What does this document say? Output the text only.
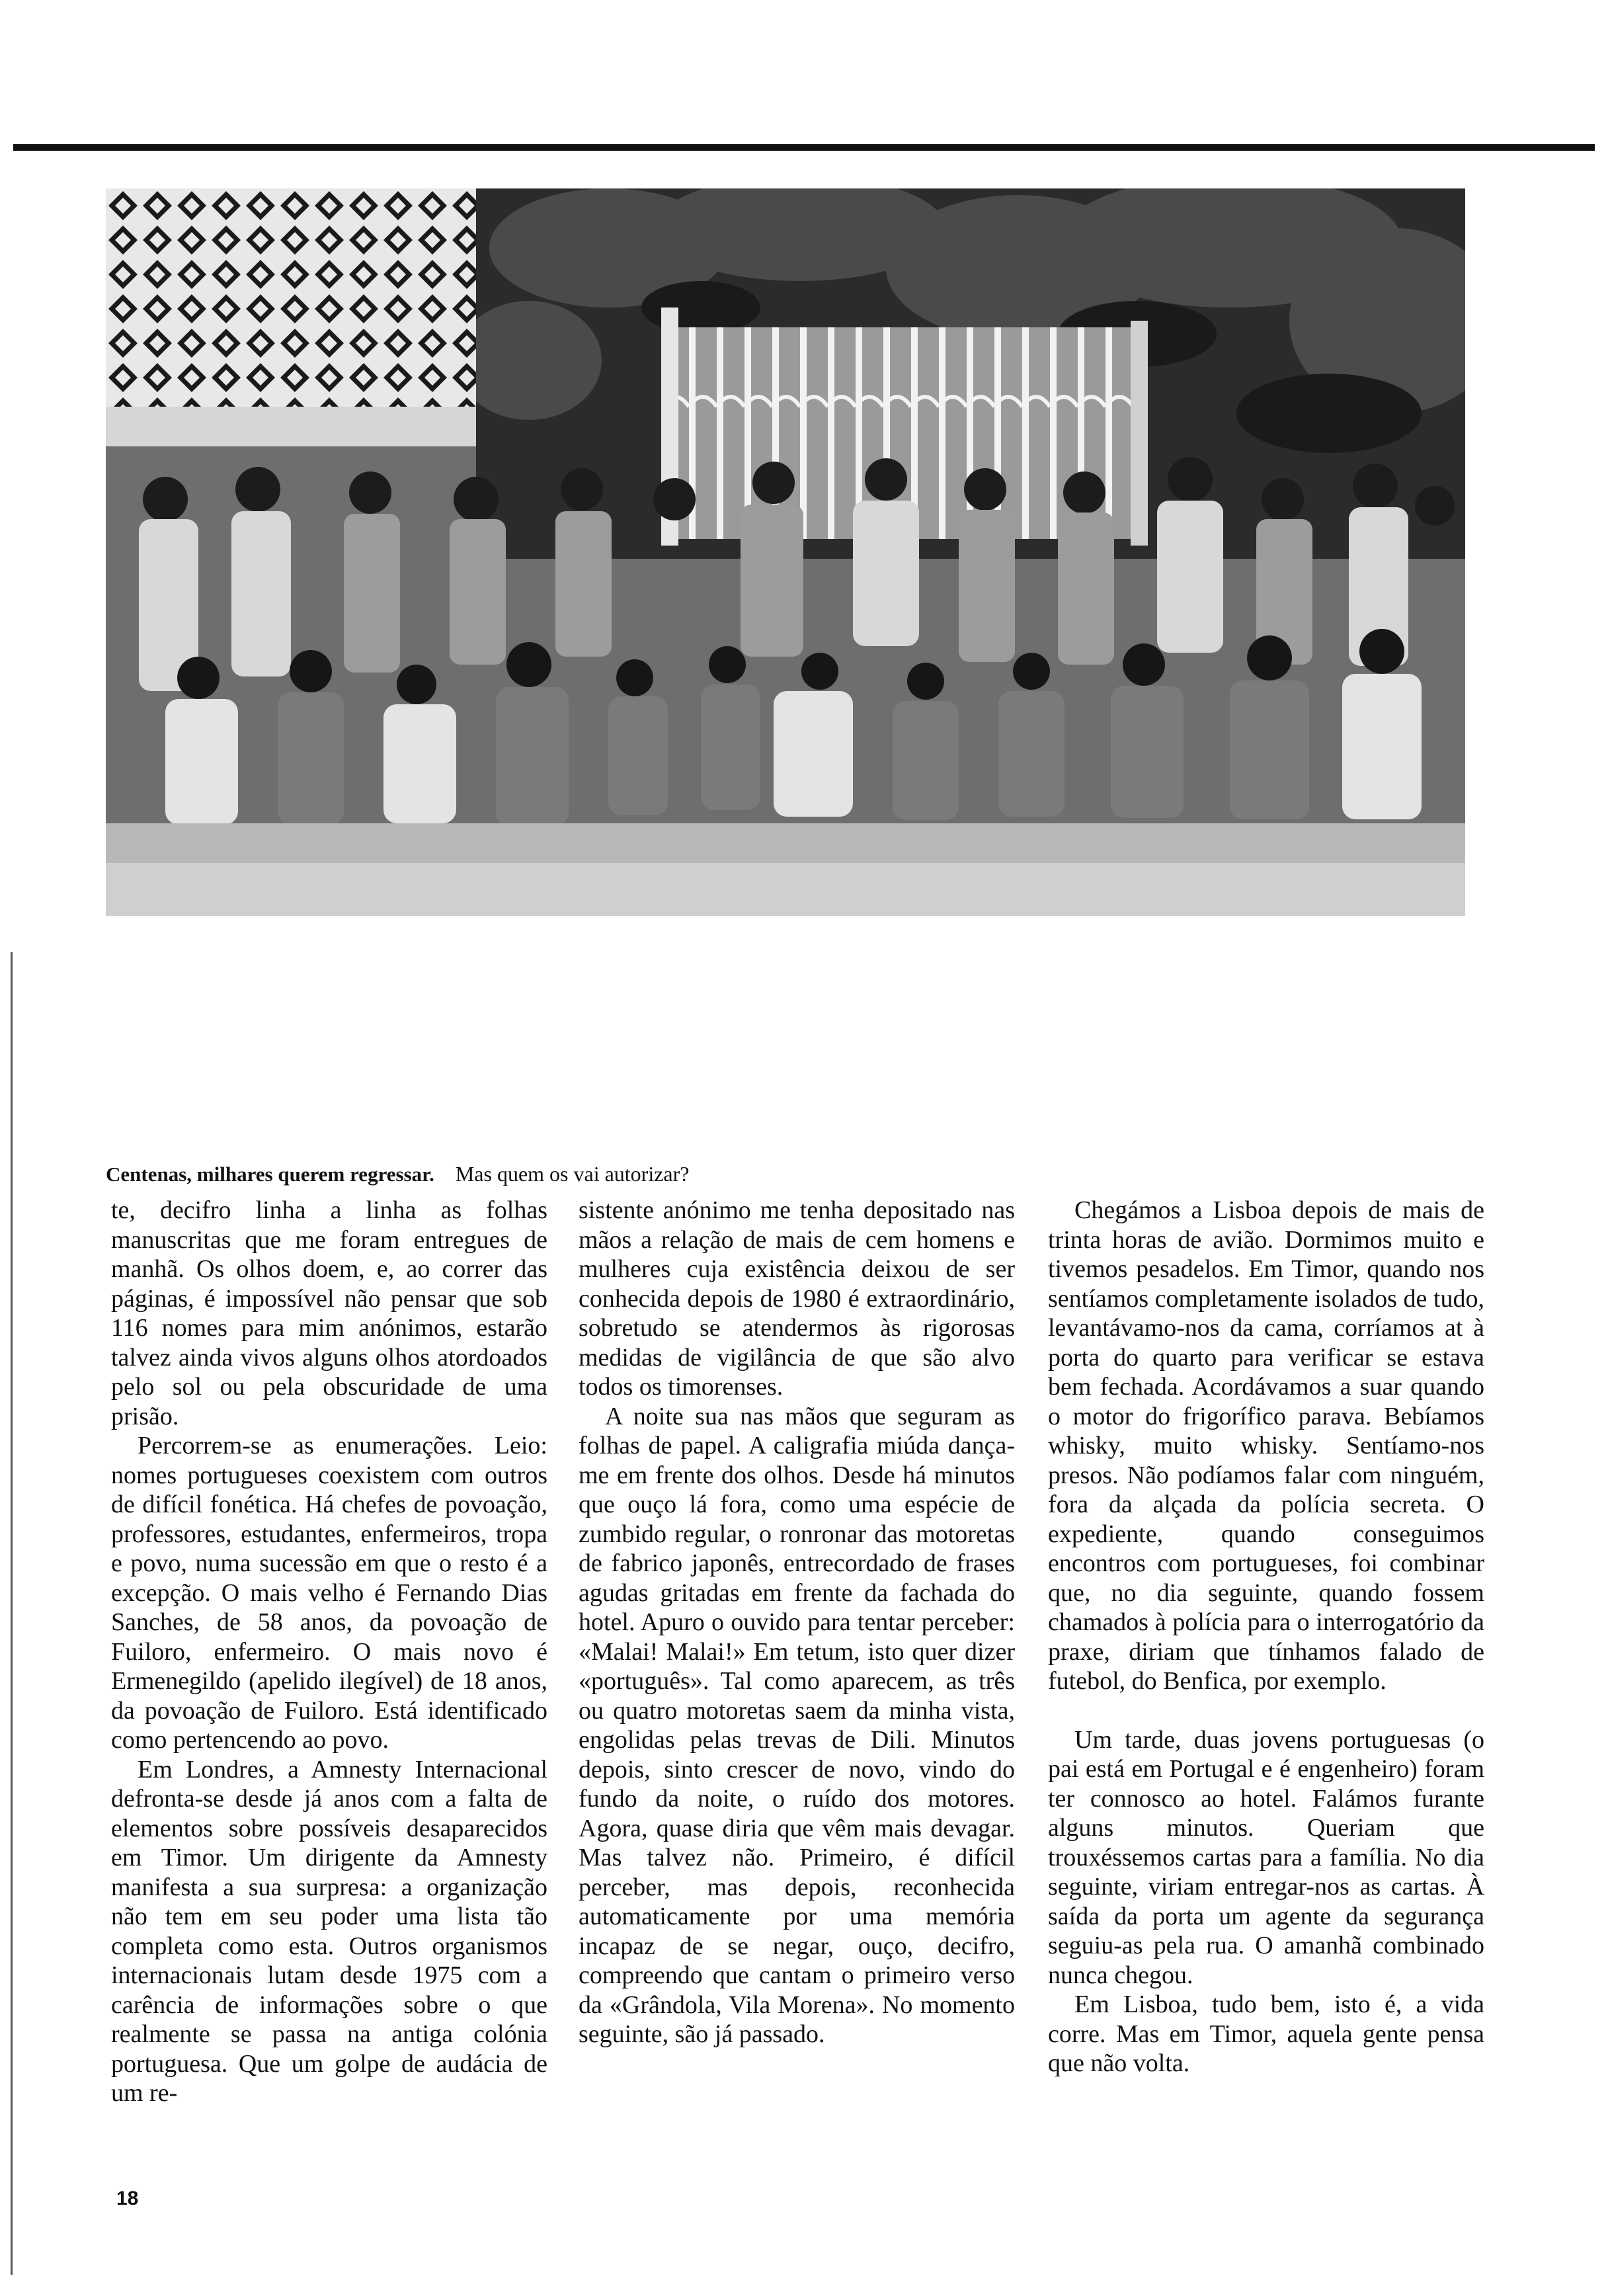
Centenas, milhares querem regressar. Mas quem os vai autorizar?

te, decifro linha a linha as folhas manuscritas que me foram entregues de manhã. Os olhos doem, e, ao correr das páginas, é impossível não pensar que sob 116 nomes para mim anónimos, estarão talvez ainda vivos alguns olhos atordoados pelo sol ou pela obscuridade de uma prisão.

Percorrem-se as enumerações. Leio: nomes portugueses coexistem com outros de difícil fonética. Há chefes de povoação, professores, estudantes, enfermeiros, tropa e povo, numa sucessão em que o resto é a excepção. O mais velho é Fernando Dias Sanches, de 58 anos, da povoação de Fuiloro, enfermeiro. O mais novo é Ermenegildo (apelido ilegível) de 18 anos, da povoação de Fuiloro. Está identificado como pertencendo ao povo.

Em Londres, a Amnesty Internacional defronta-se desde já anos com a falta de elementos sobre possíveis desaparecidos em Timor. Um dirigente da Amnesty manifesta a sua surpresa: a organização não tem em seu poder uma lista tão completa como esta. Outros organismos internacionais lutam desde 1975 com a carência de informações sobre o que realmente se passa na antiga colónia portuguesa. Que um golpe de audácia de um re-

sistente anónimo me tenha depositado nas mãos a relação de mais de cem homens e mulheres cuja existência deixou de ser conhecida depois de 1980 é extraordinário, sobretudo se atendermos às rigorosas medidas de vigilância de que são alvo todos os timorenses.

A noite sua nas mãos que seguram as folhas de papel. A caligrafia miúda dança-me em frente dos olhos. Desde há minutos que ouço lá fora, como uma espécie de zumbido regular, o ronronar das motoretas de fabrico japonês, entrecordado de frases agudas gritadas em frente da fachada do hotel. Apuro o ouvido para tentar perceber: «Malai! Malai!» Em tetum, isto quer dizer «português». Tal como aparecem, as três ou quatro motoretas saem da minha vista, engolidas pelas trevas de Dili. Minutos depois, sinto crescer de novo, vindo do fundo da noite, o ruído dos motores. Agora, quase diria que vêm mais devagar. Mas talvez não. Primeiro, é difícil perceber, mas depois, reconhecida automaticamente por uma memória incapaz de se negar, ouço, decifro, compreendo que cantam o primeiro verso da «Grândola, Vila Morena». No momento seguinte, são já passado.

Chegámos a Lisboa depois de mais de trinta horas de avião. Dormimos muito e tivemos pesadelos. Em Timor, quando nos sentíamos completamente isolados de tudo, levantávamo-nos da cama, corríamos at à porta do quarto para verificar se estava bem fechada. Acordávamos a suar quando o motor do frigorífico parava. Bebíamos whisky, muito whisky. Sentíamo-nos presos. Não podíamos falar com ninguém, fora da alçada da polícia secreta. O expediente, quando conseguimos encontros com portugueses, foi combinar que, no dia seguinte, quando fossem chamados à polícia para o interrogatório da praxe, diriam que tínhamos falado de futebol, do Benfica, por exemplo.

Um tarde, duas jovens portuguesas (o pai está em Portugal e é engenheiro) foram ter connosco ao hotel. Falámos furante alguns minutos. Queriam que trouxéssemos cartas para a família. No dia seguinte, viriam entregar-nos as cartas. À saída da porta um agente da segurança seguiu-as pela rua. O amanhã combinado nunca chegou.

Em Lisboa, tudo bem, isto é, a vida corre. Mas em Timor, aquela gente pensa que não volta.

18
